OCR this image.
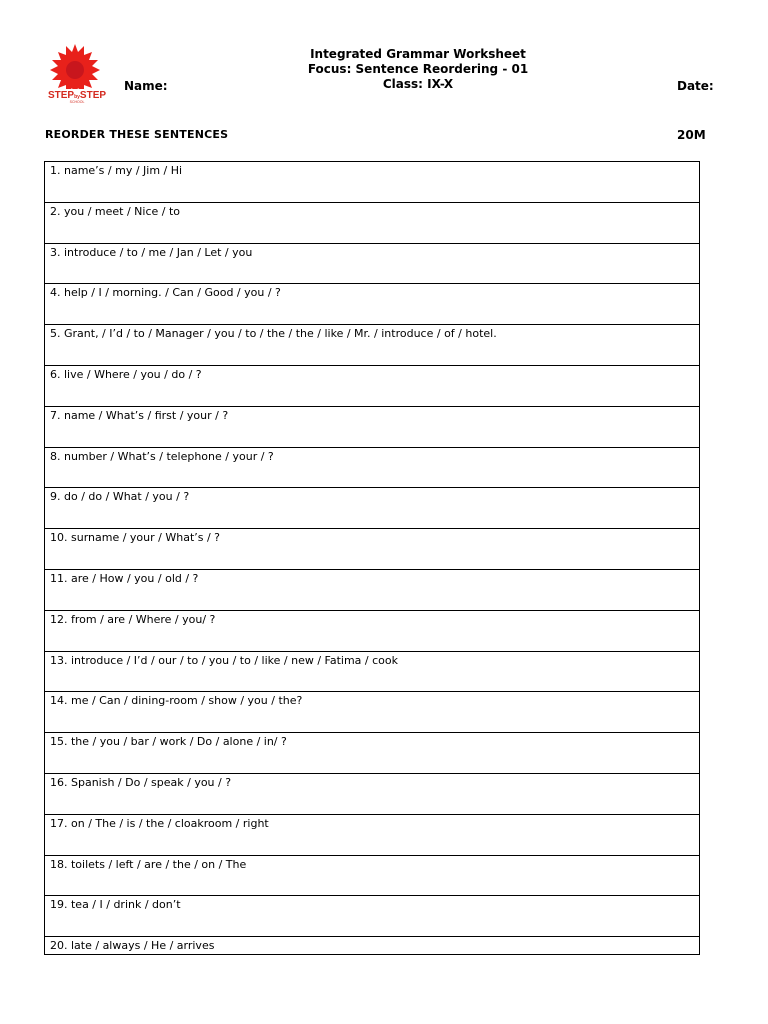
STEPbySTEP
SCHOOL
Name:
Integrated Grammar Worksheet
Focus: Sentence Reordering - 01
Class: IX-X	Date:
REORDER THESE SENTENCES	20M
1. name’s / my / Jim / Hi

2. you / meet / Nice / to

3. introduce / to / me / Jan / Let / you

4. help / I / morning. / Can / Good / you / ?

5. Grant, / I’d / to / Manager / you / to / the / the / like / Mr. / introduce / of / hotel.

6. live / Where / you / do / ?

7. name / What’s / first / your / ?

8. number / What’s / telephone / your / ?

9. do / do / What / you / ?

10. surname / your / What’s / ?

11. are / How / you / old / ?

12. from / are / Where / you/ ?

13. introduce / I’d / our / to / you / to / like / new / Fatima / cook

14. me / Can / dining-room / show / you / the?

15. the / you / bar / work / Do / alone / in/ ?

16. Spanish / Do / speak / you / ?

17. on / The / is / the / cloakroom / right

18. toilets / left / are / the / on / The

19. tea / I / drink / don’t

20. late / always / He / arrives
